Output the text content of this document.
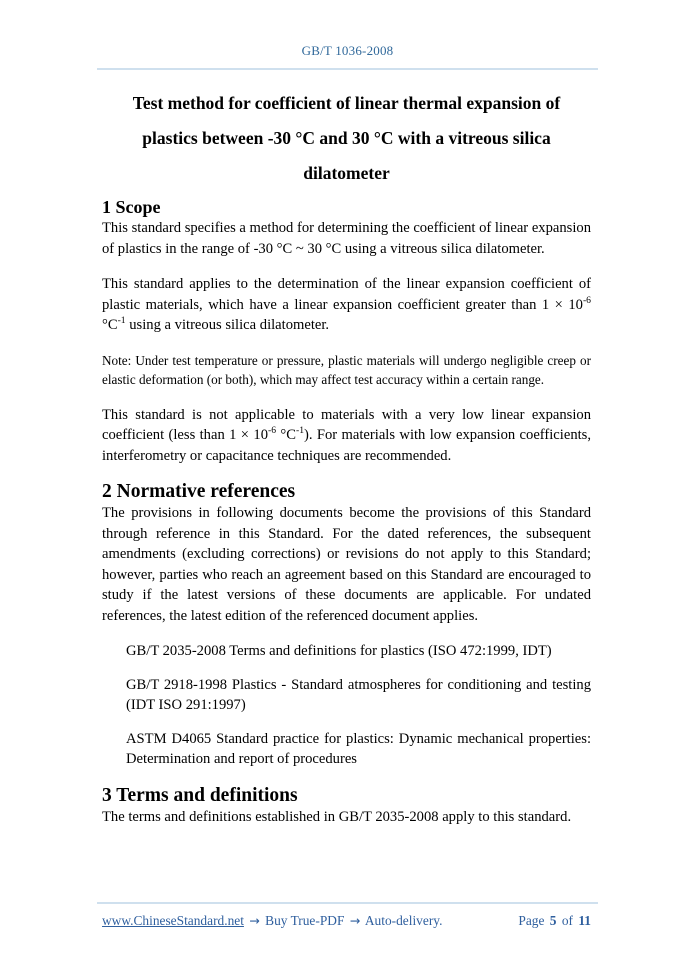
GB/T 1036-2008
Test method for coefficient of linear thermal expansion of
plastics between -30 °C and 30 °C with a vitreous silica
dilatometer
1 Scope

This standard specifies a method for determining the coefficient of linear expansion of plastics in the range of -30 °C ~ 30 °C using a vitreous silica dilatometer.

This standard applies to the determination of the linear expansion coefficient of plastic materials, which have a linear expansion coefficient greater than $1 \times 10^{-6}$ $^\circ C^{-1}$ using a vitreous silica dilatometer.

Note: Under test temperature or pressure, plastic materials will undergo negligible creep or elastic deformation (or both), which may affect test accuracy within a certain range.

This standard is not applicable to materials with a very low linear expansion coefficient (less than $1 \times 10^{-6}$ $^\circ C^{-1}$). For materials with low expansion coefficients, interferometry or capacitance techniques are recommended.

2 Normative references

The provisions in following documents become the provisions of this Standard through reference in this Standard. For the dated references, the subsequent amendments (excluding corrections) or revisions do not apply to this Standard; however, parties who reach an agreement based on this Standard are encouraged to study if the latest versions of these documents are applicable. For undated references, the latest edition of the referenced document applies.

GB/T 2035-2008 Terms and definitions for plastics (ISO 472:1999, IDT)

GB/T 2918-1998 Plastics - Standard atmospheres for conditioning and testing (IDT ISO 291:1997)

ASTM D4065 Standard practice for plastics: Dynamic mechanical properties: Determination and report of procedures

3 Terms and definitions

The terms and definitions established in GB/T 2035-2008 apply to this standard.

www.ChineseStandard.net → Buy True-PDF → Auto-delivery.	Page 5 of 11
